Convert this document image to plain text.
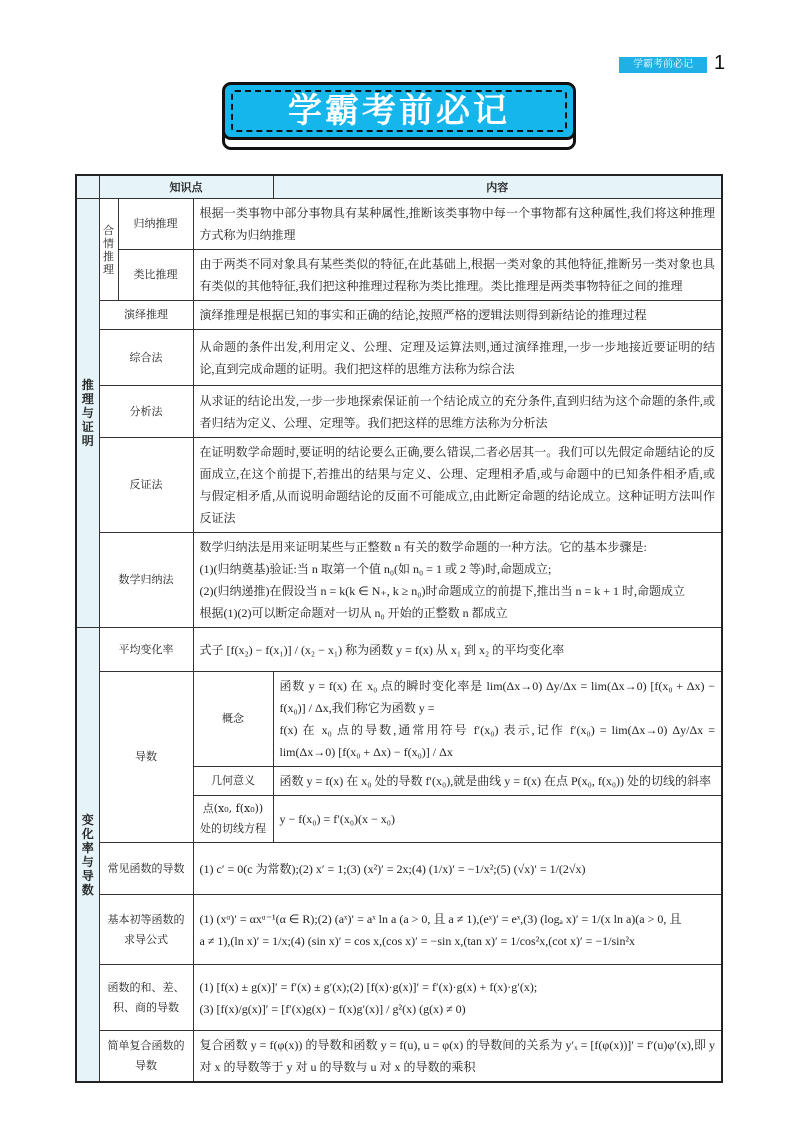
学霸考前必记	1
学霸考前必记
	知识点			内容
推理与证明	合情推理	归纳推理	根据一类事物中部分事物具有某种属性,推断该类事物中每一个事物都有这种属性,我们将这种推理方式称为归纳推理	

		类比推理	由于两类不同对象具有某些类似的特征,在此基础上,根据一类对象的其他特征,推断另一类对象也具有类似的其他特征,我们把这种推理过程称为类比推理。类比推理是两类事物特征之间的推理	

	演绎推理		演绎推理是根据已知的事实和正确的结论,按照严格的逻辑法则得到新结论的推理过程	

	综合法		从命题的条件出发,利用定义、公理、定理及运算法则,通过演绎推理,一步一步地接近要证明的结论,直到完成命题的证明。我们把这样的思维方法称为综合法	

	分析法		从求证的结论出发,一步一步地探索保证前一个结论成立的充分条件,直到归结为这个命题的条件,或者归结为定义、公理、定理等。我们把这样的思维方法称为分析法	

	反证法		在证明数学命题时,要证明的结论要么正确,要么错误,二者必居其一。我们可以先假定命题结论的反面成立,在这个前提下,若推出的结果与定义、公理、定理相矛盾,或与命题中的已知条件相矛盾,或与假定相矛盾,从而说明命题结论的反面不可能成立,由此断定命题的结论成立。这种证明方法叫作反证法	

	数学归纳法		数学归纳法是用来证明某些与正整数 n 有关的数学命题的一种方法。它的基本步骤是:
(1)(归纳奠基)验证:当 n 取第一个值 n₀(如 n₀ = 1 或 2 等)时,命题成立;
(2)(归纳递推)在假设当 n = k(k ∈ N₊, k ≥ n₀)时命题成立的前提下,推出当 n = k + 1 时,命题成立
根据(1)(2)可以断定命题对一切从 n₀ 开始的正整数 n 都成立	

变化率与导数	平均变化率		式子 [f(x₂) − f(x₁)] / (x₂ − x₁) 称为函数 y = f(x) 从 x₁ 到 x₂ 的平均变化率	

	导数		概念	函数 y = f(x) 在 x₀ 点的瞬时变化率是 lim(Δx→0) Δy/Δx = lim(Δx→0) [f(x₀ + Δx) − f(x₀)] / Δx,我们称它为函数 y =
f(x) 在 x₀ 点的导数,通常用符号 f′(x₀) 表示,记作 f′(x₀) = lim(Δx→0) Δy/Δx = lim(Δx→0) [f(x₀ + Δx) − f(x₀)] / Δx

			几何意义	函数 y = f(x) 在 x₀ 处的导数 f′(x₀),就是曲线 y = f(x) 在点 P(x₀, f(x₀)) 处的切线的斜率

			点(x₀, f(x₀))处的切线方程	y − f(x₀) = f′(x₀)(x − x₀)

	常见函数的导数		(1) c′ = 0(c 为常数);(2) x′ = 1;(3) (x²)′ = 2x;(4) (1/x)′ = −1/x²;(5) (√x)′ = 1/(2√x)	

	基本初等函数的求导公式		(1) (xᵅ)′ = αxᵅ⁻¹(α ∈ R);(2) (aˣ)′ = aˣ ln a (a > 0, 且 a ≠ 1),(eˣ)′ = eˣ,(3) (logₐ x)′ = 1/(x ln a)(a > 0, 且
a ≠ 1),(ln x)′ = 1/x;(4) (sin x)′ = cos x,(cos x)′ = −sin x,(tan x)′ = 1/cos²x,(cot x)′ = −1/sin²x	

	函数的和、差、积、商的导数		(1) [f(x) ± g(x)]′ = f′(x) ± g′(x);(2) [f(x)·g(x)]′ = f′(x)·g(x) + f(x)·g′(x);
(3) [f(x)/g(x)]′ = [f′(x)g(x) − f(x)g′(x)] / g²(x) (g(x) ≠ 0)	

	简单复合函数的导数		复合函数 y = f(φ(x)) 的导数和函数 y = f(u), u = φ(x) 的导数间的关系为 y′ₓ = [f(φ(x))]′ = f′(u)φ′(x),即 y 对 x 的导数等于 y 对 u 的导数与 u 对 x 的导数的乘积	
